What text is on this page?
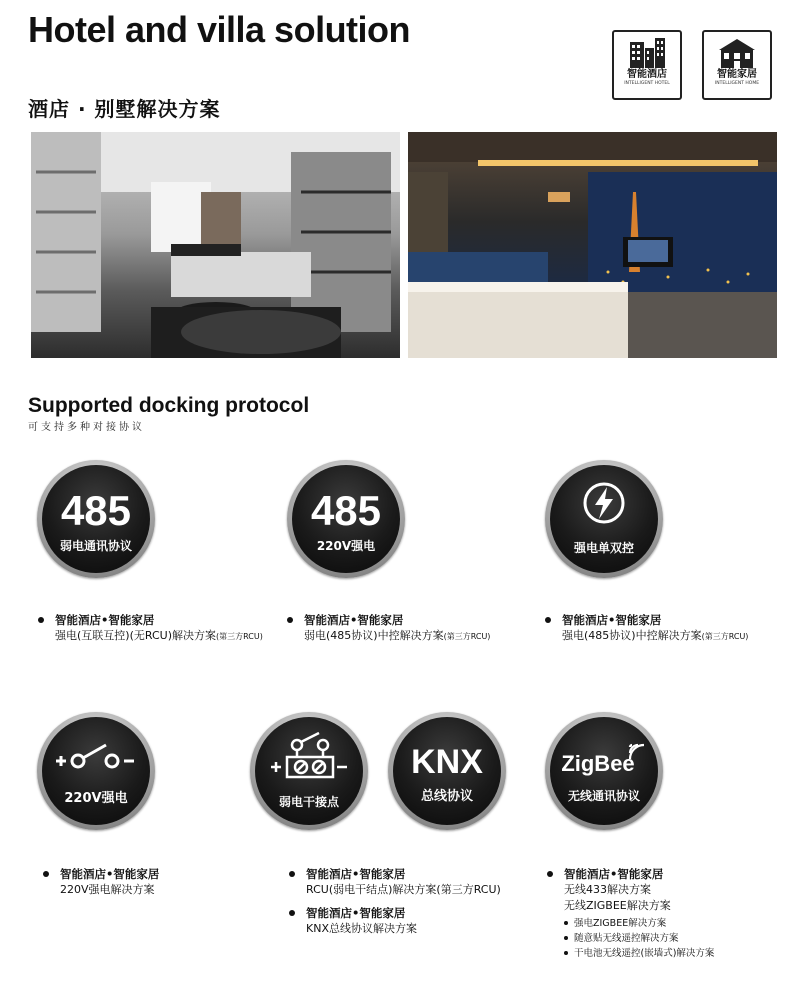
Hotel and villa solution
酒店 · 别墅解决方案
智能酒店
INTELLIGENT HOTEL
智能家居
INTELLIGENT HOME
Supported docking protocol
可支持多种对接协议
485
弱电通讯协议
485
220V强电	强电单双控
智能酒店•智能家居
强电(互联互控)(无RCU)解决方案(第三方RCU)
智能酒店•智能家居
弱电(485协议)中控解决方案(第三方RCU)
智能酒店•智能家居
强电(485协议)中控解决方案(第三方RCU)
220V强电	弱电干接点
KNX
总线协议
ZigBee
无线通讯协议
智能酒店•智能家居
220V强电解决方案
智能酒店•智能家居
RCU(弱电干结点)解决方案(第三方RCU)
智能酒店•智能家居
KNX总线协议解决方案
智能酒店•智能家居
无线433解决方案
无线ZIGBEE解决方案
强电ZIGBEE解决方案
随意贴无线遥控解决方案
干电池无线遥控(嵌墙式)解决方案
